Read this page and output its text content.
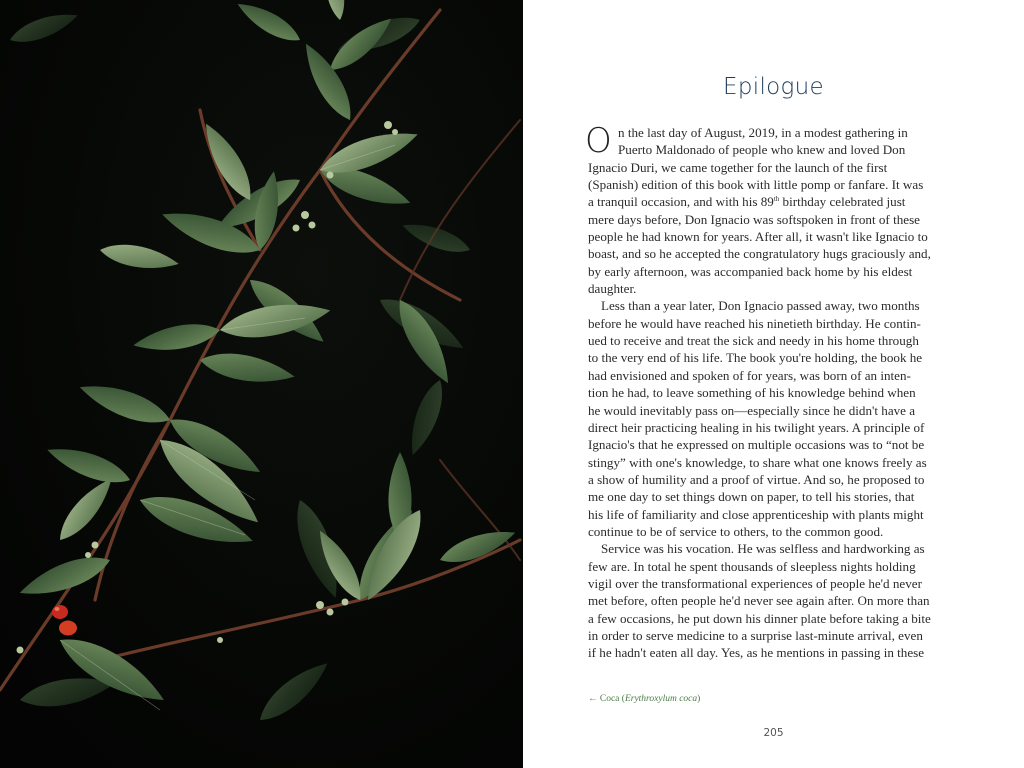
Epilogue
O n the last day of August, 2019, in a modest gathering in
Puerto Maldonado of people who knew and loved Don
Ignacio Duri, we came together for the launch of the first
(Spanish) edition of this book with little pomp or fanfare. It was
a tranquil occasion, and with his 89th birthday celebrated just
mere days before, Don Ignacio was softspoken in front of these
people he had known for years. After all, it wasn't like Ignacio to
boast, and so he accepted the congratulatory hugs graciously and,
by early afternoon, was accompanied back home by his eldest
daughter.
Less than a year later, Don Ignacio passed away, two months
before he would have reached his ninetieth birthday. He contin-
ued to receive and treat the sick and needy in his home through
to the very end of his life. The book you're holding, the book he
had envisioned and spoken of for years, was born of an inten-
tion he had, to leave something of his knowledge behind when
he would inevitably pass on—especially since he didn't have a
direct heir practicing healing in his twilight years. A principle of
Ignacio's that he expressed on multiple occasions was to “not be
stingy” with one's knowledge, to share what one knows freely as
a show of humility and a proof of virtue. And so, he proposed to
me one day to set things down on paper, to tell his stories, that
his life of familiarity and close apprenticeship with plants might
continue to be of service to others, to the common good.
Service was his vocation. He was selfless and hardworking as
few are. In total he spent thousands of sleepless nights holding
vigil over the transformational experiences of people he'd never
met before, often people he'd never see again after. On more than
a few occasions, he put down his dinner plate before taking a bite
in order to serve medicine to a surprise last-minute arrival, even
if he hadn't eaten all day. Yes, as he mentions in passing in these
← Coca (Erythroxylum coca)
205
